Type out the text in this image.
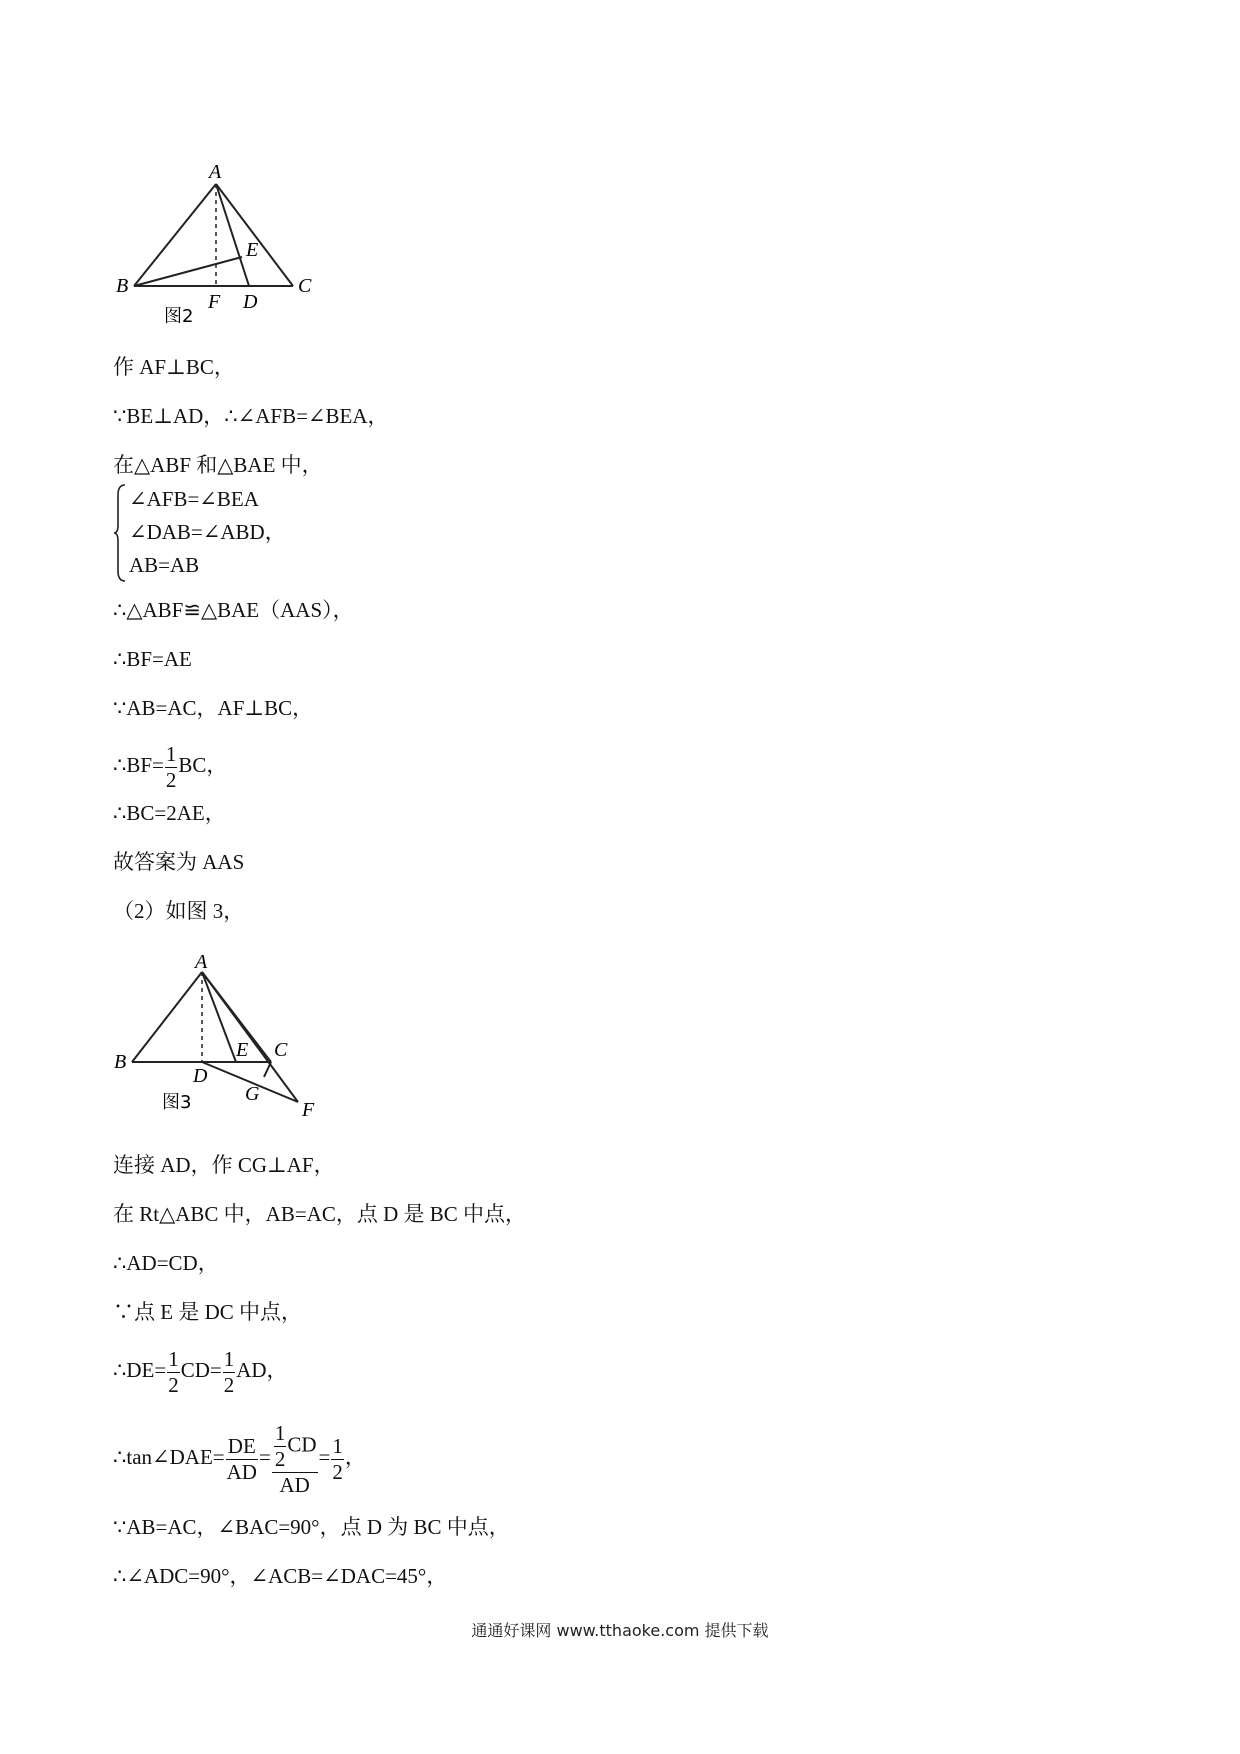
A
B	C
D
E
F
图2
作 AF⊥BC，
∵BE⊥AD，∴∠AFB=∠BEA，
在△ABF 和△BAE 中，
∠AFB=∠BEA
∠DAB=∠ABD，
AB=AB
∴△ABF≌△BAE（AAS），
∴BF=AE
∵AB=AC，AF⊥BC，
∴BF= $\frac{1}{2}$ BC，
∴BC=2AE，
故答案为 AAS
（2）如图 3，
A
B
C
D
E
F
G
图3
连接 AD，作 CG⊥AF，
在 Rt△ABC 中，AB=AC，点 D 是 BC 中点，
∴AD=CD，
∵点 E 是 DC 中点，
∴DE= $\frac{1}{2} CD= \frac{1}{2}$ AD，
∴tan∠DAE= $\frac{DE}{AD} = \frac{\frac{1}{2} CD}{AD} = \frac{1}{2}$ ，
∵AB=AC，∠BAC=90°，点 D 为 BC 中点，
∴∠ADC=90°，∠ACB=∠DAC=45°，
通通好课网 www.tthaoke.com 提供下载
